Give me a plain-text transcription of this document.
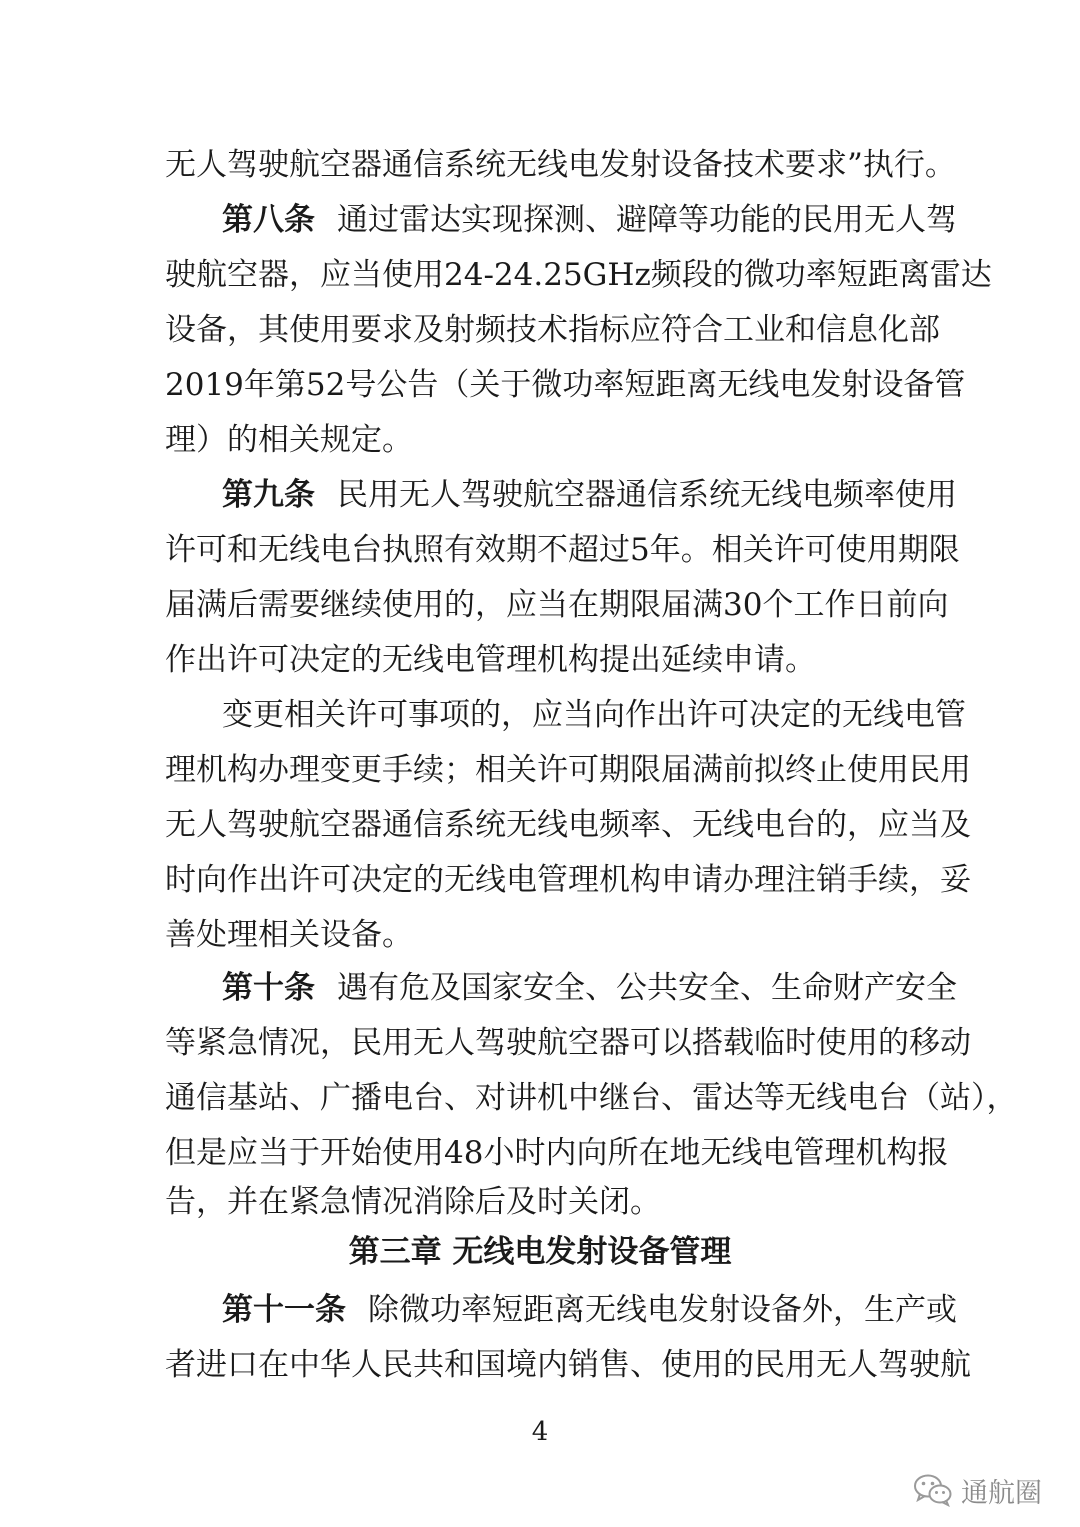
无人驾驶航空器通信系统无线电发射设备技术要求”执行。
第八条 通过雷达实现探测、避障等功能的民用无人驾
驶航空器，应当使用24-24.25GHz频段的微功率短距离雷达
设备，其使用要求及射频技术指标应符合工业和信息化部
2019年第52号公告（关于微功率短距离无线电发射设备管
理）的相关规定。
第九条 民用无人驾驶航空器通信系统无线电频率使用
许可和无线电台执照有效期不超过5年。相关许可使用期限
届满后需要继续使用的，应当在期限届满30个工作日前向
作出许可决定的无线电管理机构提出延续申请。
变更相关许可事项的，应当向作出许可决定的无线电管
理机构办理变更手续；相关许可期限届满前拟终止使用民用
无人驾驶航空器通信系统无线电频率、无线电台的，应当及
时向作出许可决定的无线电管理机构申请办理注销手续，妥
善处理相关设备。
第十条 遇有危及国家安全、公共安全、生命财产安全
等紧急情况，民用无人驾驶航空器可以搭载临时使用的移动
通信基站、广播电台、对讲机中继台、雷达等无线电台（站），
但是应当于开始使用48小时内向所在地无线电管理机构报
告，并在紧急情况消除后及时关闭。
第三章 无线电发射设备管理
第十一条 除微功率短距离无线电发射设备外，生产或
者进口在中华人民共和国境内销售、使用的民用无人驾驶航
4
通航圈
